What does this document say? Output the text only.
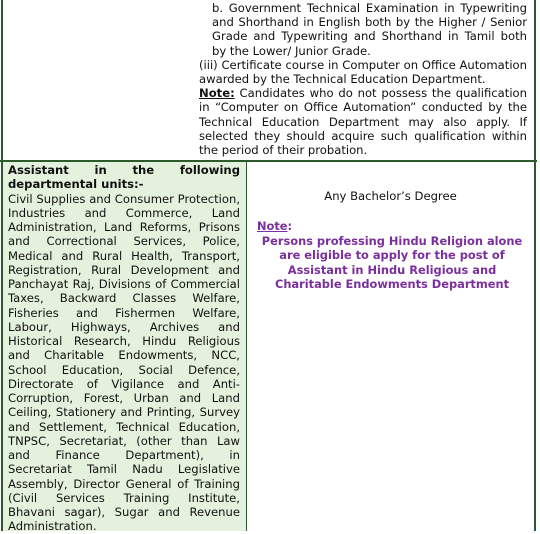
b. Government Technical Examination in Typewriting and Shorthand in English both by the Higher / Senior Grade and Typewriting and Shorthand in Tamil both by the Lower/ Junior Grade.

(iii) Certificate course in Computer on Office Automation awarded by the Technical Education Department.

Note: Candidates who do not possess the qualification in “Computer on Office Automation” conducted by the Technical Education Department may also apply. If selected they should acquire such qualification within the period of their probation.

Assistant in the following

departmental units:-

Civil Supplies and Consumer Protection, Industries and Commerce, Land Administration, Land Reforms, Prisons and Correctional Services, Police, Medical and Rural Health, Transport, Registration, Rural Development and Panchayat Raj, Divisions of Commercial Taxes, Backward Classes Welfare, Fisheries and Fishermen Welfare, Labour, Highways, Archives and Historical Research, Hindu Religious and Charitable Endowments, NCC, School Education, Social Defence, Directorate of Vigilance and Anti-Corruption, Forest, Urban and Land Ceiling, Stationery and Printing, Survey and Settlement, Technical Education, TNPSC, Secretariat, (other than Law and Finance Department), in Secretariat Tamil Nadu Legislative Assembly, Director General of Training (Civil Services Training Institute, Bhavani sagar), Sugar and Revenue Administration.

Any Bachelor’s Degree
Note:
Persons professing Hindu Religion alone are eligible to apply for the post of Assistant in Hindu Religious and Charitable Endowments Department
